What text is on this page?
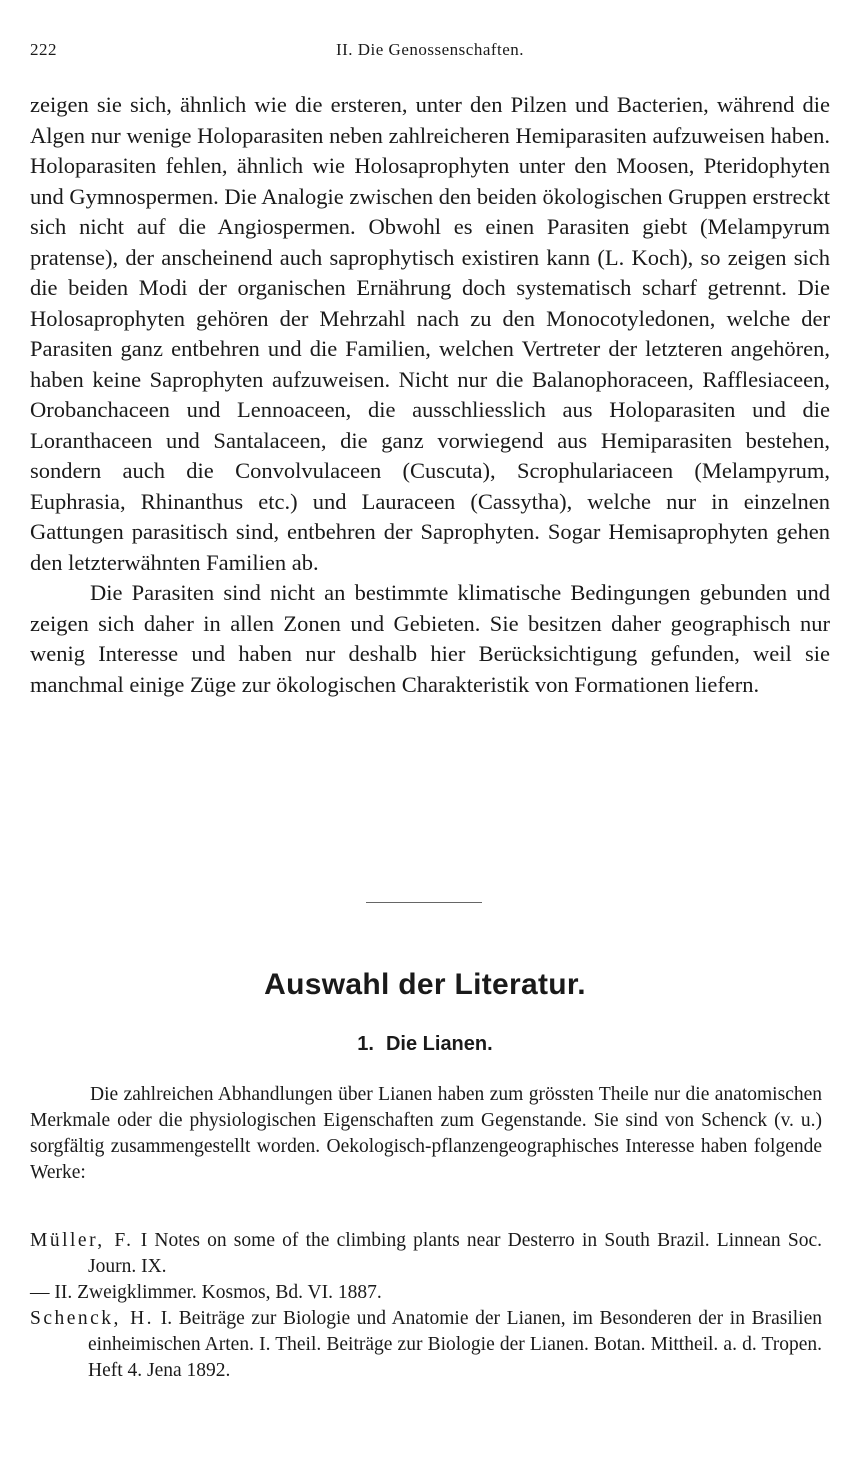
222	II. Die Genossenschaften.

zeigen sie sich, ähnlich wie die ersteren, unter den Pilzen und Bacterien, während die Algen nur wenige Holoparasiten neben zahlreicheren Hemiparasiten aufzuweisen haben. Holoparasiten fehlen, ähnlich wie Holosaprophyten unter den Moosen, Pteridophyten und Gymnospermen. Die Analogie zwischen den beiden ökologischen Gruppen erstreckt sich nicht auf die Angiospermen. Obwohl es einen Parasiten giebt (Melampyrum pratense), der anscheinend auch saprophytisch existiren kann (L. Koch), so zeigen sich die beiden Modi der organischen Ernährung doch systematisch scharf getrennt. Die Holosaprophyten gehören der Mehrzahl nach zu den Monocotyledonen, welche der Parasiten ganz entbehren und die Familien, welchen Vertreter der letzteren angehören, haben keine Saprophyten aufzuweisen. Nicht nur die Balanophoraceen, Rafflesiaceen, Orobanchaceen und Lennoaceen, die ausschliesslich aus Holoparasiten und die Loranthaceen und Santalaceen, die ganz vorwiegend aus Hemiparasiten bestehen, sondern auch die Convolvulaceen (Cuscuta), Scrophulariaceen (Melampyrum, Euphrasia, Rhinanthus etc.) und Lauraceen (Cassytha), welche nur in einzelnen Gattungen parasitisch sind, entbehren der Saprophyten. Sogar Hemisaprophyten gehen den letzterwähnten Familien ab.

Die Parasiten sind nicht an bestimmte klimatische Bedingungen gebunden und zeigen sich daher in allen Zonen und Gebieten. Sie besitzen daher geographisch nur wenig Interesse und haben nur deshalb hier Berücksichtigung gefunden, weil sie manchmal einige Züge zur ökologischen Charakteristik von Formationen liefern.

Auswahl der Literatur.
1. Die Lianen.

Die zahlreichen Abhandlungen über Lianen haben zum grössten Theile nur die anatomischen Merkmale oder die physiologischen Eigenschaften zum Gegenstande. Sie sind von Schenck (v. u.) sorgfältig zusammengestellt worden. Oekologisch-pflanzengeographisches Interesse haben folgende Werke:

Müller, F. I Notes on some of the climbing plants near Desterro in South Brazil. Linnean Soc. Journ. IX.
— II. Zweigklimmer. Kosmos, Bd. VI. 1887.
Schenck, H. I. Beiträge zur Biologie und Anatomie der Lianen, im Besonderen der in Brasilien einheimischen Arten. I. Theil. Beiträge zur Biologie der Lianen. Botan. Mittheil. a. d. Tropen. Heft 4. Jena 1892.
